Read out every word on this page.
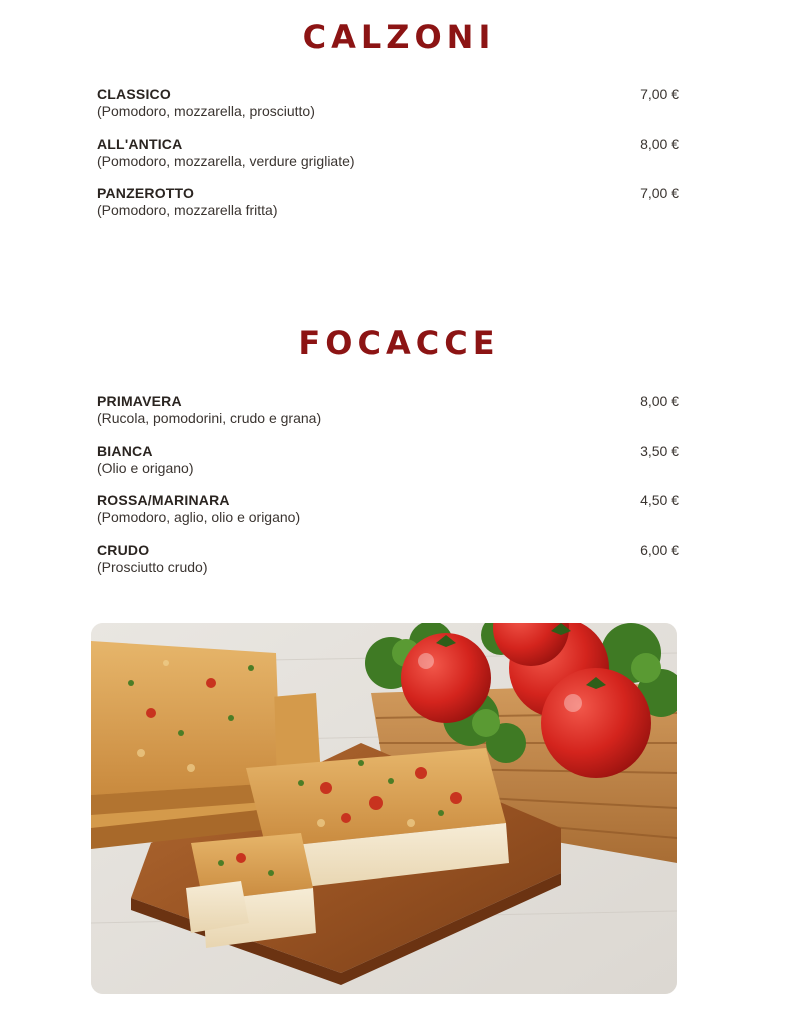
CALZONI
CLASSICO
(Pomodoro, mozzarella, prosciutto)
7,00 €
ALL'ANTICA
(Pomodoro, mozzarella, verdure grigliate)
8,00 €
PANZEROTTO
(Pomodoro, mozzarella fritta)
7,00 €
FOCACCE
PRIMAVERA
(Rucola, pomodorini, crudo e grana)
8,00 €
BIANCA
(Olio e origano)
3,50 €
ROSSA/MARINARA
(Pomodoro, aglio, olio e origano)
4,50 €
CRUDO
(Prosciutto crudo)
6,00 €
